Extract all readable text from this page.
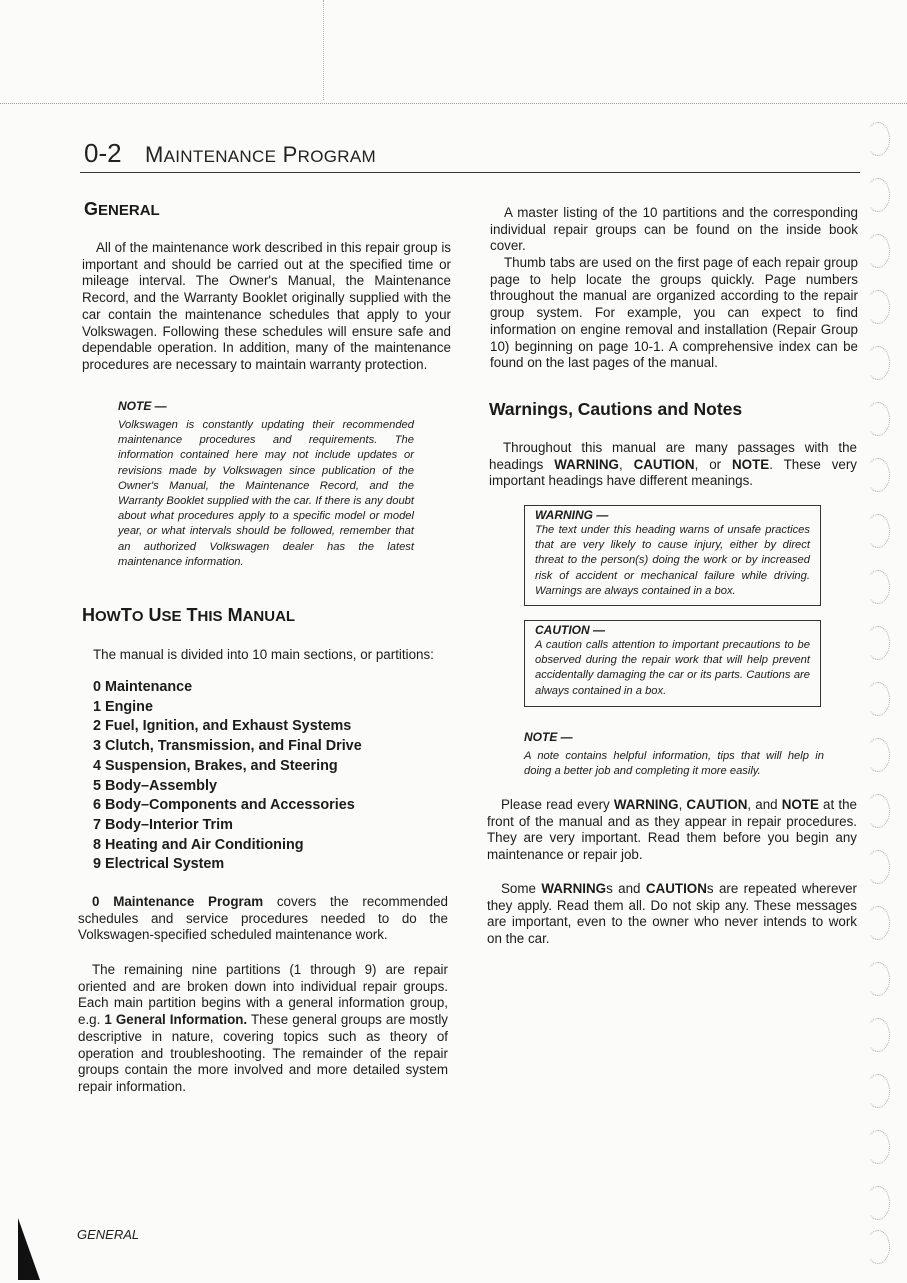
0-2 MAINTENANCE PROGRAM
GENERAL
All of the maintenance work described in this repair group is important and should be carried out at the specified time or mileage interval. The Owner's Manual, the Maintenance Record, and the Warranty Booklet originally supplied with the car contain the maintenance schedules that apply to your Volkswagen. Following these schedules will ensure safe and dependable operation. In addition, many of the maintenance procedures are necessary to maintain warranty protection.
NOTE —
Volkswagen is constantly updating their recommended maintenance procedures and requirements. The information contained here may not include updates or revisions made by Volkswagen since publication of the Owner's Manual, the Maintenance Record, and the Warranty Booklet supplied with the car. If there is any doubt about what procedures apply to a specific model or model year, or what intervals should be followed, remember that an authorized Volkswagen dealer has the latest maintenance information.
HOWTO USE THIS MANUAL
The manual is divided into 10 main sections, or partitions:
0 Maintenance
1 Engine
2 Fuel, Ignition, and Exhaust Systems
3 Clutch, Transmission, and Final Drive
4 Suspension, Brakes, and Steering
5 Body–Assembly
6 Body–Components and Accessories
7 Body–Interior Trim
8 Heating and Air Conditioning
9 Electrical System
0 Maintenance Program covers the recommended schedules and service procedures needed to do the Volkswagen-specified scheduled maintenance work.
The remaining nine partitions (1 through 9) are repair oriented and are broken down into individual repair groups. Each main partition begins with a general information group, e.g. 1 General Information. These general groups are mostly descriptive in nature, covering topics such as theory of operation and troubleshooting. The remainder of the repair groups contain the more involved and more detailed system repair information.
A master listing of the 10 partitions and the corresponding individual repair groups can be found on the inside book cover.
Thumb tabs are used on the first page of each repair group page to help locate the groups quickly. Page numbers throughout the manual are organized according to the repair group system. For example, you can expect to find information on engine removal and installation (Repair Group 10) beginning on page 10-1. A comprehensive index can be found on the last pages of the manual.
Warnings, Cautions and Notes
Throughout this manual are many passages with the headings WARNING, CAUTION, or NOTE. These very important headings have different meanings.
WARNING —
The text under this heading warns of unsafe practices that are very likely to cause injury, either by direct threat to the person(s) doing the work or by increased risk of accident or mechanical failure while driving. Warnings are always contained in a box.
CAUTION —
A caution calls attention to important precautions to be observed during the repair work that will help prevent accidentally damaging the car or its parts. Cautions are always contained in a box.
NOTE —
A note contains helpful information, tips that will help in doing a better job and completing it more easily.
Please read every WARNING, CAUTION, and NOTE at the front of the manual and as they appear in repair procedures. They are very important. Read them before you begin any maintenance or repair job.
Some WARNINGs and CAUTIONs are repeated wherever they apply. Read them all. Do not skip any. These messages are important, even to the owner who never intends to work on the car.
GENERAL
